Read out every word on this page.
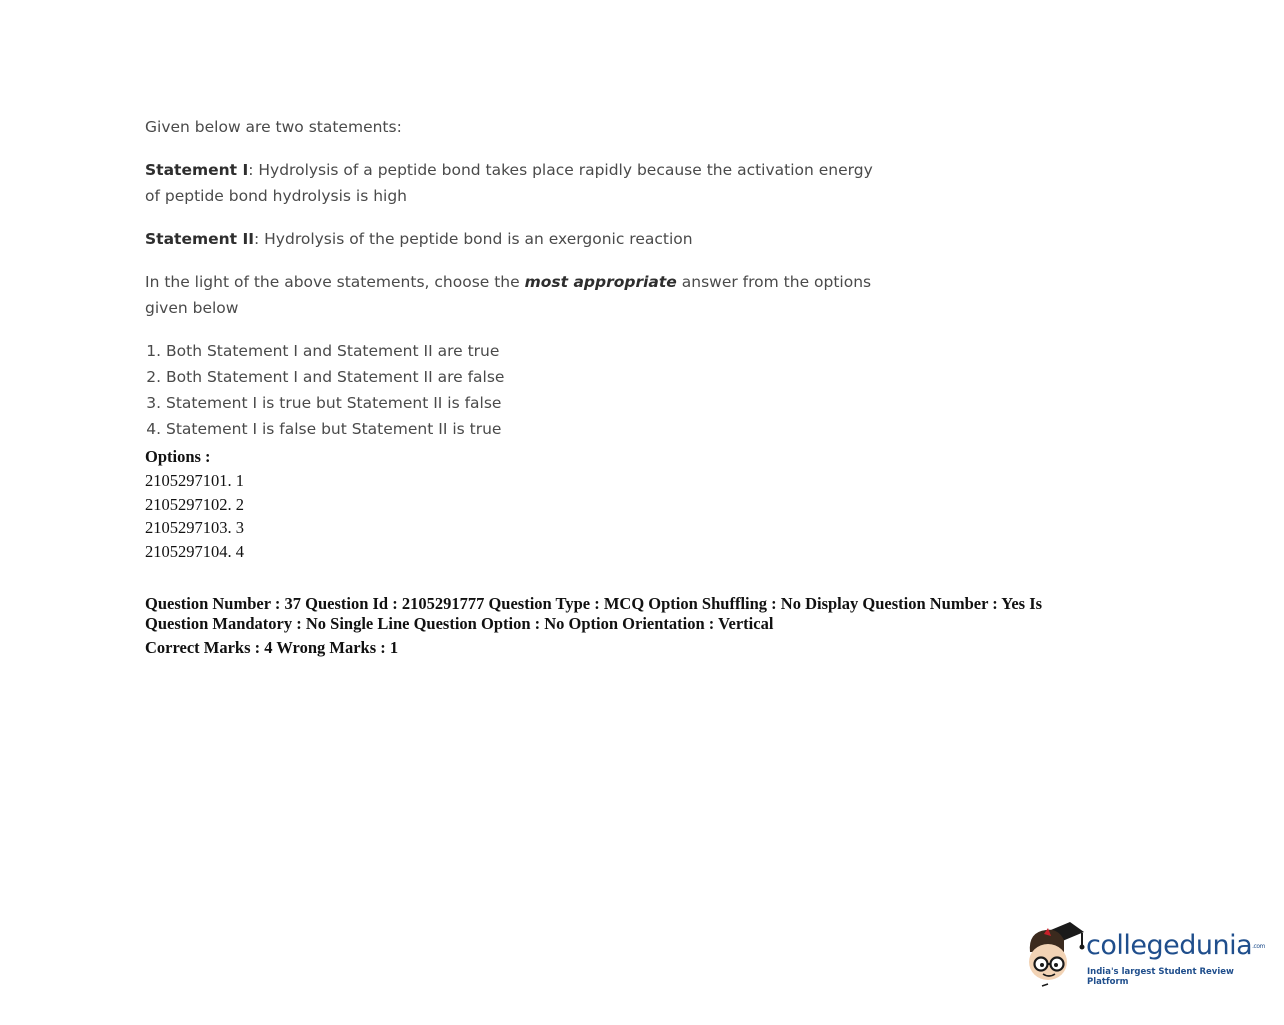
Given below are two statements:

Statement I: Hydrolysis of a peptide bond takes place rapidly because the activation energy of peptide bond hydrolysis is high

Statement II: Hydrolysis of the peptide bond is an exergonic reaction

In the light of the above statements, choose the most appropriate answer from the options given below

1. Both Statement I and Statement II are true
2. Both Statement I and Statement II are false
3. Statement I is true but Statement II is false
4. Statement I is false but Statement II is true
Options :
2105297101. 1
2105297102. 2
2105297103. 3
2105297104. 4
Question Number : 37 Question Id : 2105291777 Question Type : MCQ Option Shuffling : No Display Question Number : Yes Is Question Mandatory : No Single Line Question Option : No Option Orientation : Vertical
Correct Marks : 4 Wrong Marks : 1
collegedunia.com
India's largest Student Review Platform
